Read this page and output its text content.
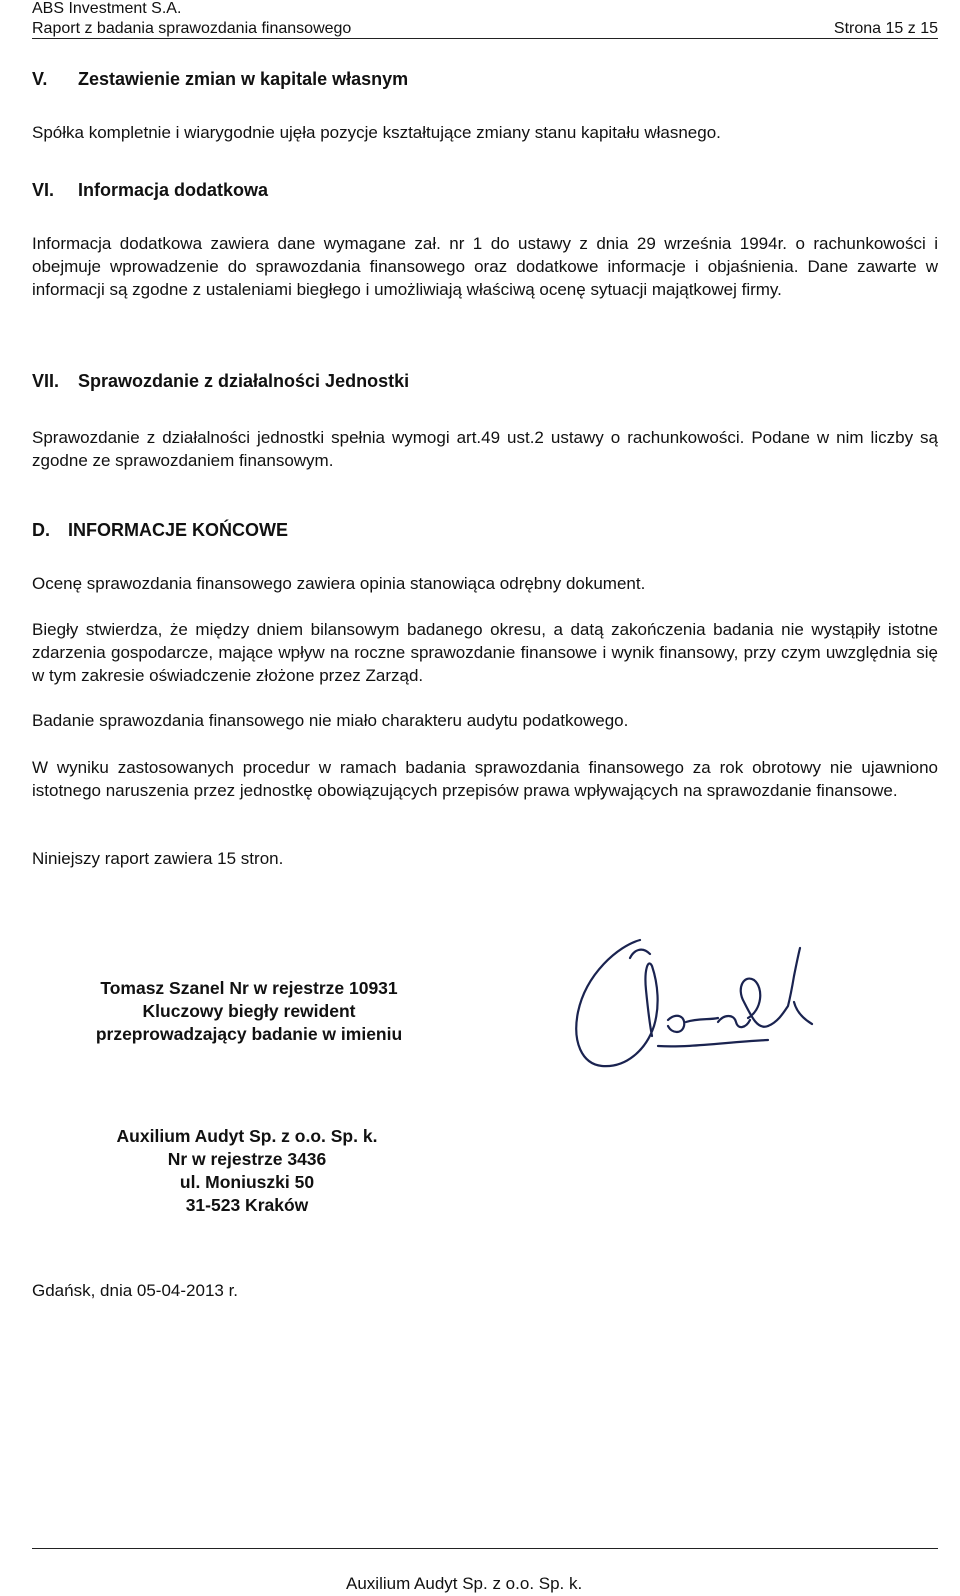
ABS Investment S.A.
Raport z badania sprawozdania finansowego	Strona 15 z 15
V. Zestawienie zmian w kapitale własnym
Spółka kompletnie i wiarygodnie ujęła pozycje kształtujące zmiany stanu kapitału własnego.
VI. Informacja dodatkowa
Informacja dodatkowa zawiera dane wymagane zał. nr 1 do ustawy z dnia 29 września 1994r. o rachunkowości i obejmuje wprowadzenie do sprawozdania finansowego oraz dodatkowe informacje i objaśnienia. Dane zawarte w informacji są zgodne z ustaleniami biegłego i umożliwiają właściwą ocenę sytuacji majątkowej firmy.
VII. Sprawozdanie z działalności Jednostki
Sprawozdanie z działalności jednostki spełnia wymogi art.49 ust.2 ustawy o rachunkowości. Podane w nim liczby są zgodne ze sprawozdaniem finansowym.
D. INFORMACJE KOŃCOWE
Ocenę sprawozdania finansowego zawiera opinia stanowiąca odrębny dokument.
Biegły stwierdza, że między dniem bilansowym badanego okresu, a datą zakończenia badania nie wystąpiły istotne zdarzenia gospodarcze, mające wpływ na roczne sprawozdanie finansowe i wynik finansowy, przy czym uwzględnia się w tym zakresie oświadczenie złożone przez Zarząd.
Badanie sprawozdania finansowego nie miało charakteru audytu podatkowego.
W wyniku zastosowanych procedur w ramach badania sprawozdania finansowego za rok obrotowy nie ujawniono istotnego naruszenia przez jednostkę obowiązujących przepisów prawa wpływających na sprawozdanie finansowe.
Niniejszy raport zawiera 15 stron.
Tomasz Szanel Nr w rejestrze 10931
Kluczowy biegły rewident
przeprowadzający badanie w imieniu
Auxilium Audyt Sp. z o.o. Sp. k.
Nr w rejestrze 3436
ul. Moniuszki 50
31-523 Kraków
Gdańsk, dnia 05-04-2013 r.
Auxilium Audyt Sp. z o.o. Sp. k.
